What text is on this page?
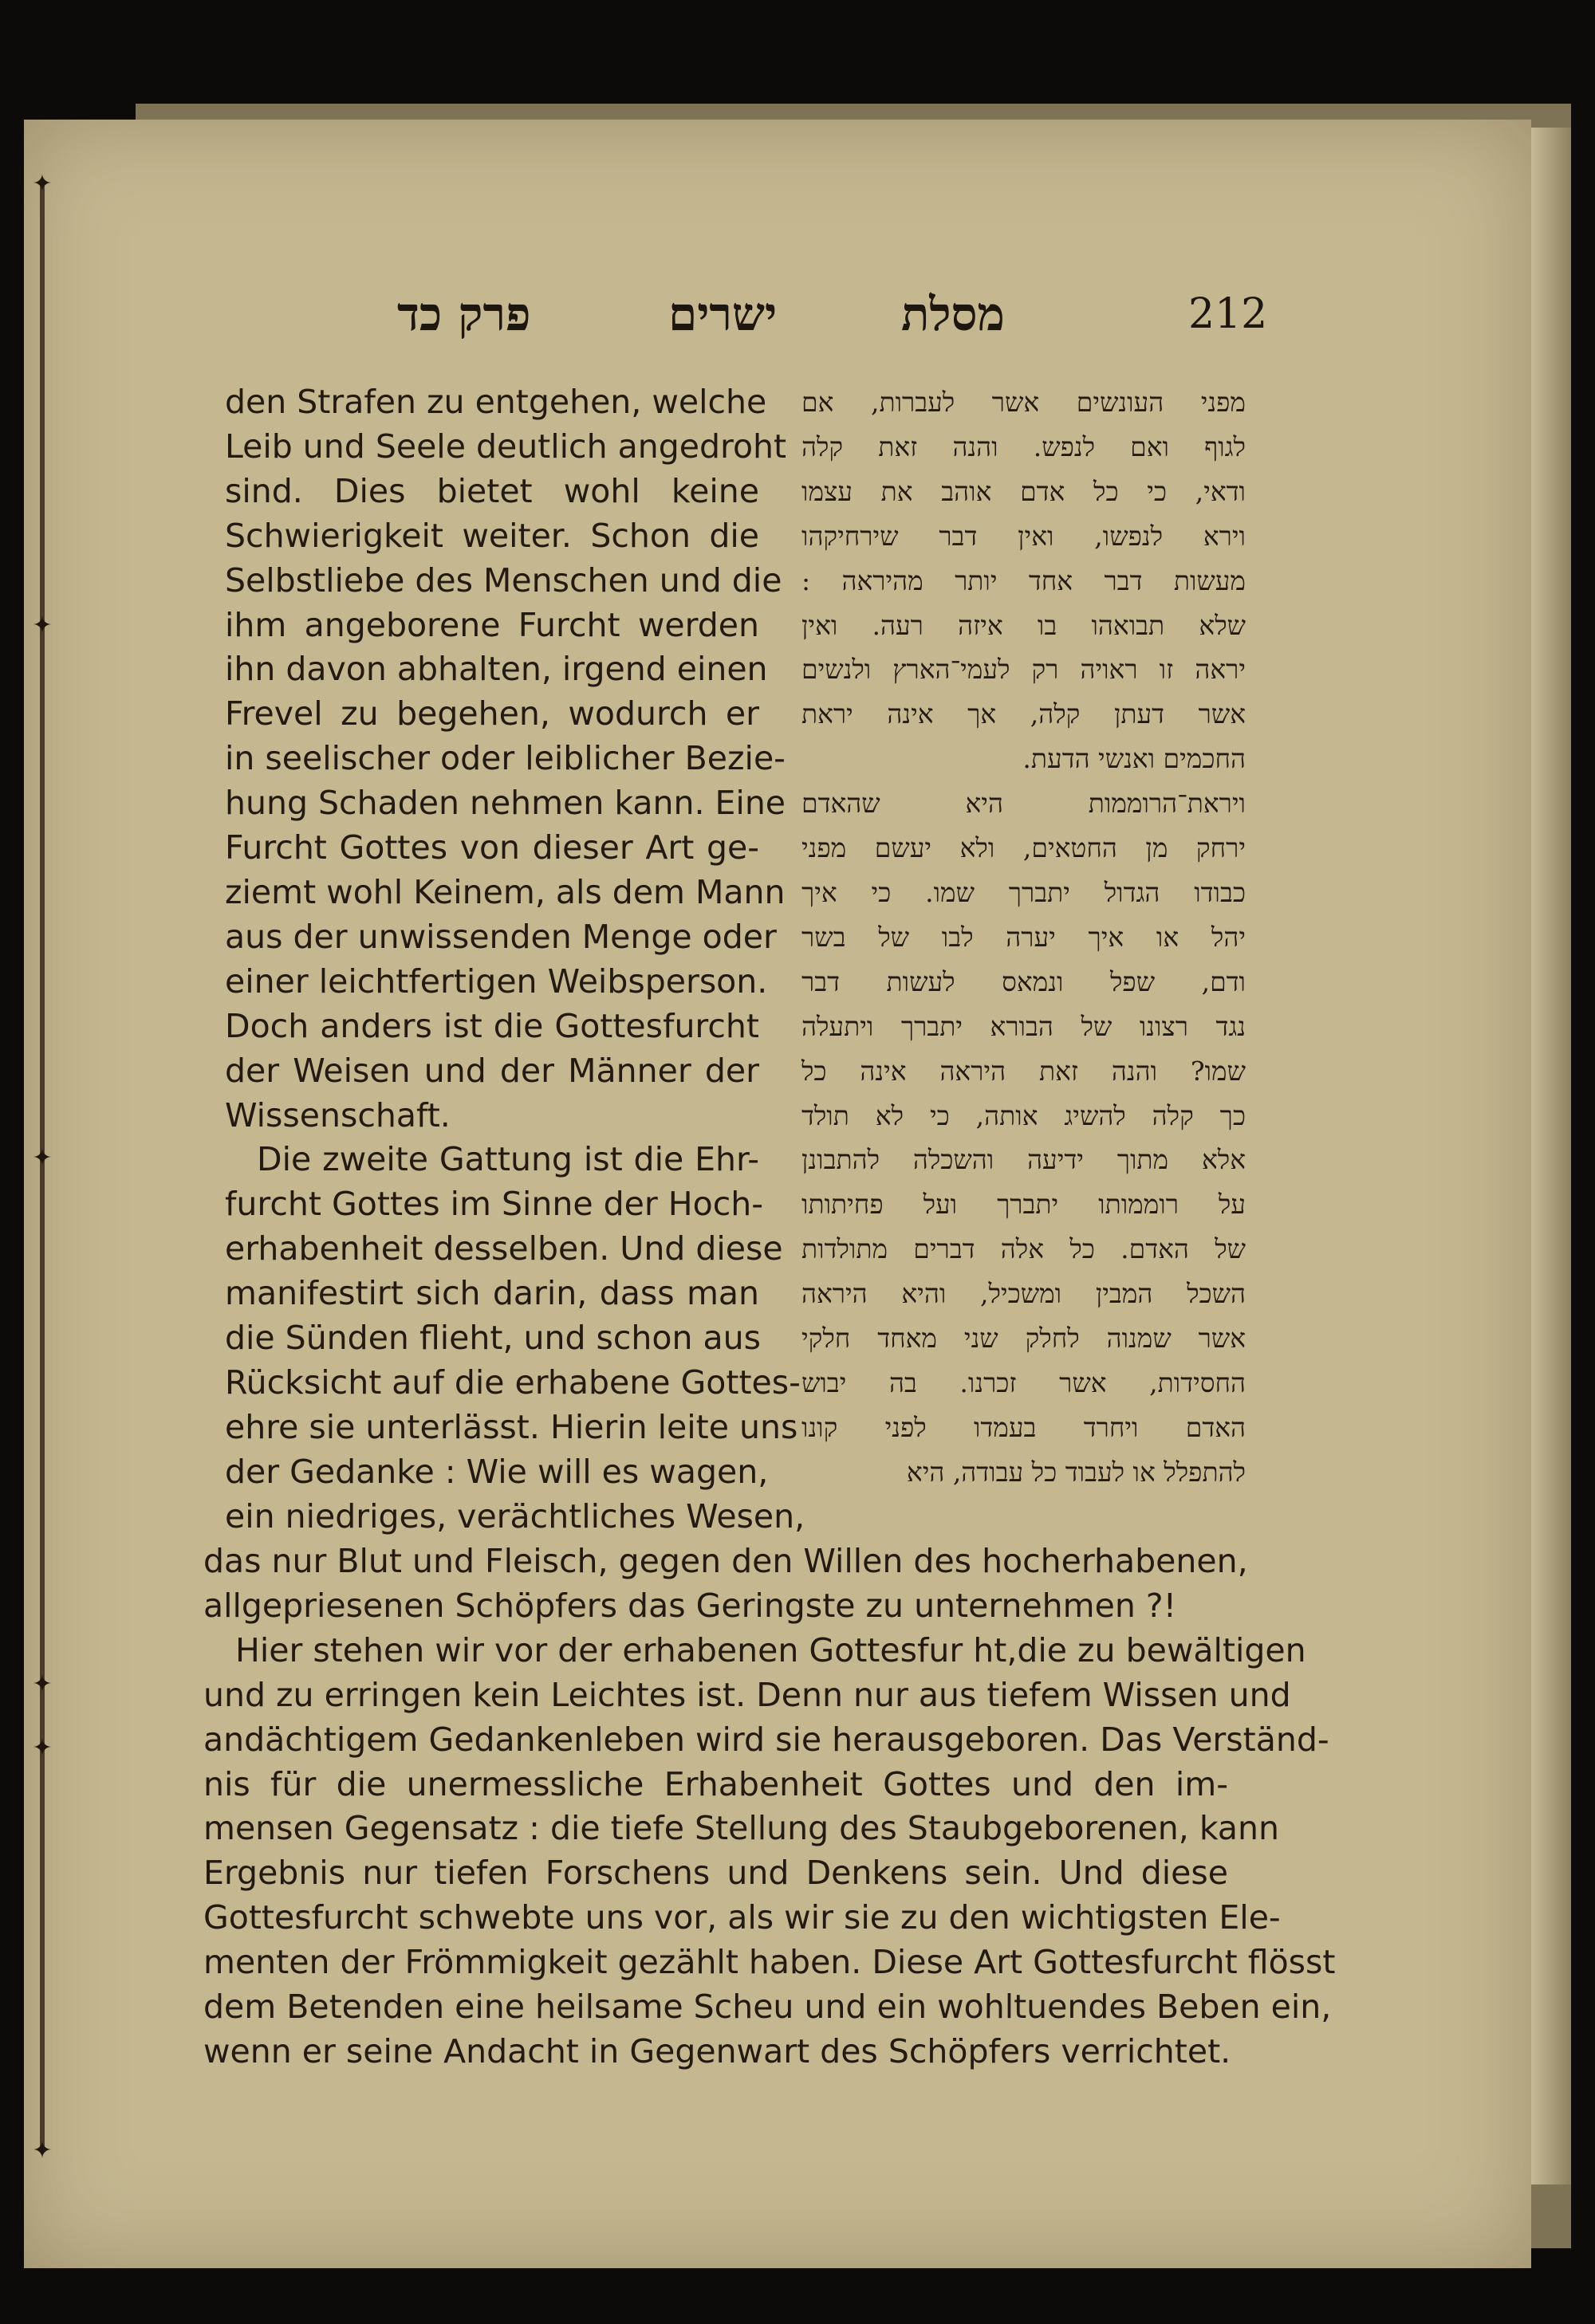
✦
✦
✦
✦
✦
✦
212
מסלת
ישרים
פרק כד
den Strafen zu entgehen, welche
Leib und Seele deutlich angedroht
sind. Dies bietet wohl keine
Schwierigkeit weiter. Schon die
Selbstliebe des Menschen und die
ihm angeborene Furcht werden
ihn davon abhalten, irgend einen
Frevel zu begehen, wodurch er
in seelischer oder leiblicher Bezie-
hung Schaden nehmen kann. Eine
Furcht Gottes von dieser Art ge-
ziemt wohl Keinem, als dem Mann
aus der unwissenden Menge oder
einer leichtfertigen Weibsperson.
Doch anders ist die Gottesfurcht
der Weisen und der Männer der
Wissenschaft.
Die zweite Gattung ist die Ehr-
furcht Gottes im Sinne der Hoch-
erhabenheit desselben. Und diese
manifestirt sich darin, dass man
die Sünden flieht, und schon aus
Rücksicht auf die erhabene Gottes-
ehre sie unterlässt. Hierin leite uns
der Gedanke : Wie will es wagen,
ein niedriges, verächtliches Wesen,
מפני העונשים אשר לעברות, אם
לגוף ואם לנפש. והנה זאת קלה
ודאי, כי כל אדם אוהב את עצמו
וירא לנפשו, ואין דבר שירחיקהו
מעשות דבר אחד יותר מהיראה :
שלא תבואהו בו איזה רעה. ואין
יראה זו ראויה רק לעמי־הארץ ולנשים
אשר דעתן קלה, אך אינה יראת
החכמים ואנשי הדעת.
ויראת־הרוממות היא שהאדם
ירחק מן החטאים, ולא יעשם מפני
כבודו הגדול יתברך שמו. כי איך
יהל או איך יערה לבו של בשר
ודם, שפל ונמאס לעשות דבר
נגד רצונו של הבורא יתברך ויתעלה
שמו? והנה זאת היראה אינה כל
כך קלה להשיג אותה, כי לא תולד
אלא מתוך ידיעה והשכלה להתבונן
על רוממותו יתברך ועל פחיתותו
של האדם. כל אלה דברים מתולדות
השכל המבין ומשכיל, והיא היראה
אשר שמנוה לחלק שני מאחד חלקי
החסידות, אשר זכרנו. בה יבוש
האדם ויחרד בעמדו לפני קונו
להתפלל או לעבוד כל עבודה, היא
das nur Blut und Fleisch, gegen den Willen des hocherhabenen,
allgepriesenen Schöpfers das Geringste zu unternehmen ?!
Hier stehen wir vor der erhabenen Gottesfur ht,die zu bewältigen
und zu erringen kein Leichtes ist. Denn nur aus tiefem Wissen und
andächtigem Gedankenleben wird sie herausgeboren. Das Verständ-
nis für die unermessliche Erhabenheit Gottes und den im-
mensen Gegensatz : die tiefe Stellung des Staubgeborenen, kann
Ergebnis nur tiefen Forschens und Denkens sein. Und diese
Gottesfurcht schwebte uns vor, als wir sie zu den wichtigsten Ele-
menten der Frömmigkeit gezählt haben. Diese Art Gottesfurcht flösst
dem Betenden eine heilsame Scheu und ein wohltuendes Beben ein,
wenn er seine Andacht in Gegenwart des Schöpfers verrichtet.
